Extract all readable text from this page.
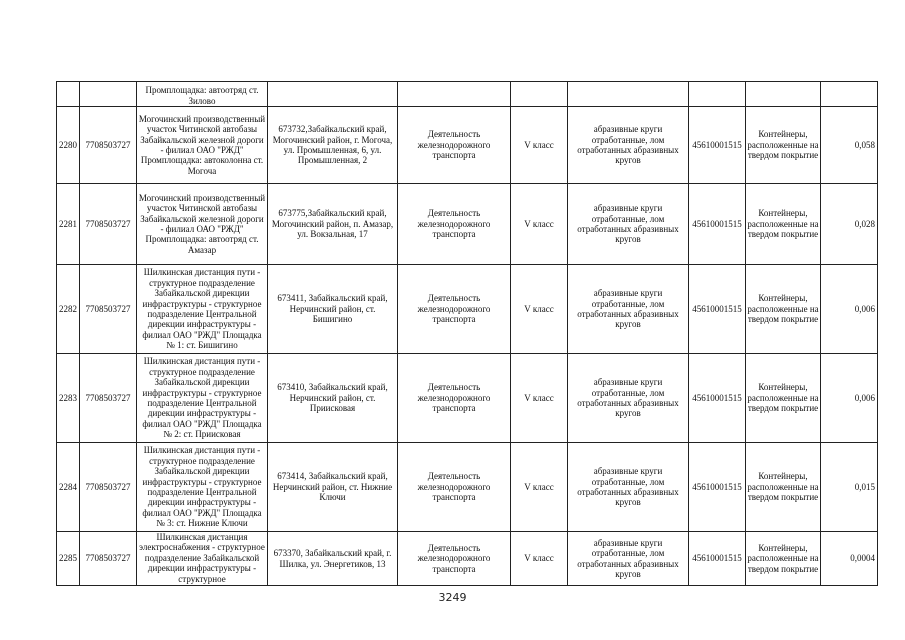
		Промплощадка: автоотряд ст. Зилово							
2280	7708503727	Могочинский производственный участок Читинской автобазы Забайкальской железной дороги - филиал ОАО "РЖД" Промплощадка: автоколонна ст. Могоча	673732,Забайкальский край, Могочинский район, г. Могоча, ул. Промышленная, 6, ул. Промышленная, 2	Деятельность железнодорожного транспорта	V класс	абразивные круги отработанные, лом отработанных абразивных кругов	45610001515	Контейнеры, расположенные на твердом покрытие	0,058
2281	7708503727	Могочинский производственный участок Читинской автобазы Забайкальской железной дороги - филиал ОАО "РЖД" Промплощадка: автоотряд ст. Амазар	673775,Забайкальский край, Могочинский район, п. Амазар, ул. Вокзальная, 17	Деятельность железнодорожного транспорта	V класс	абразивные круги отработанные, лом отработанных абразивных кругов	45610001515	Контейнеры, расположенные на твердом покрытие	0,028
2282	7708503727	Шилкинская дистанция пути - структурное подразделение Забайкальской дирекции инфраструктуры - структурное подразделение Центральной дирекции инфраструктуры - филиал ОАО "РЖД" Площадка № 1: ст. Бишигино	673411, Забайкальский край, Нерчинский район, ст. Бишигино	Деятельность железнодорожного транспорта	V класс	абразивные круги отработанные, лом отработанных абразивных кругов	45610001515	Контейнеры, расположенные на твердом покрытие	0,006
2283	7708503727	Шилкинская дистанция пути - структурное подразделение Забайкальской дирекции инфраструктуры - структурное подразделение Центральной дирекции инфраструктуры - филиал ОАО "РЖД" Площадка № 2: ст. Приисковая	673410, Забайкальский край, Нерчинский район, ст. Приисковая	Деятельность железнодорожного транспорта	V класс	абразивные круги отработанные, лом отработанных абразивных кругов	45610001515	Контейнеры, расположенные на твердом покрытие	0,006
2284	7708503727	Шилкинская дистанция пути - структурное подразделение Забайкальской дирекции инфраструктуры - структурное подразделение Центральной дирекции инфраструктуры - филиал ОАО "РЖД" Площадка № 3: ст. Нижние Ключи	673414, Забайкальский край, Нерчинский район, ст. Нижние Ключи	Деятельность железнодорожного транспорта	V класс	абразивные круги отработанные, лом отработанных абразивных кругов	45610001515	Контейнеры, расположенные на твердом покрытие	0,015
2285	7708503727	Шилкинская дистанция электроснабжения - структурное подразделение Забайкальской дирекции инфраструктуры - структурное	673370, Забайкальский край, г. Шилка, ул. Энергетиков, 13	Деятельность железнодорожного транспорта	V класс	абразивные круги отработанные, лом отработанных абразивных кругов	45610001515	Контейнеры, расположенные на твердом покрытие	0,0004
3249
